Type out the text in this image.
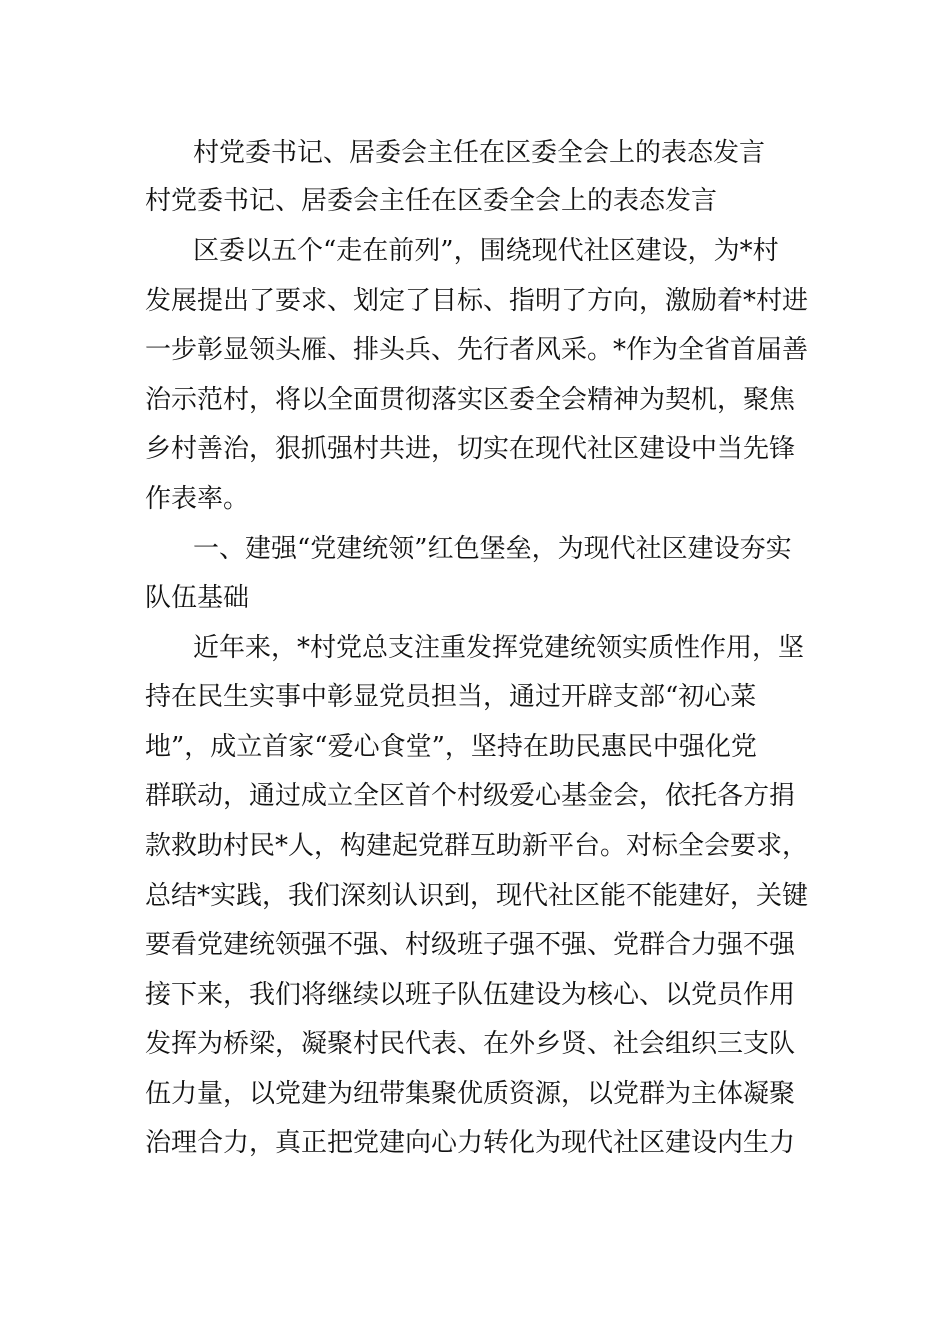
村党委书记、居委会主任在区委全会上的表态发言
村党委书记、居委会主任在区委全会上的表态发言
区委以五个“走在前列”，围绕现代社区建设，为*村
发展提出了要求、划定了目标、指明了方向，激励着*村进
一步彰显领头雁、排头兵、先行者风采。*作为全省首届善
治示范村，将以全面贯彻落实区委全会精神为契机，聚焦
乡村善治，狠抓强村共进，切实在现代社区建设中当先锋
作表率。
一、建强“党建统领”红色堡垒，为现代社区建设夯实
队伍基础
近年来，*村党总支注重发挥党建统领实质性作用，坚
持在民生实事中彰显党员担当，通过开辟支部“初心菜
地”，成立首家“爱心食堂”，坚持在助民惠民中强化党
群联动，通过成立全区首个村级爱心基金会，依托各方捐
款救助村民*人，构建起党群互助新平台。对标全会要求，
总结*实践，我们深刻认识到，现代社区能不能建好，关键
要看党建统领强不强、村级班子强不强、党群合力强不强
接下来，我们将继续以班子队伍建设为核心、以党员作用
发挥为桥梁，凝聚村民代表、在外乡贤、社会组织三支队
伍力量，以党建为纽带集聚优质资源，以党群为主体凝聚
治理合力，真正把党建向心力转化为现代社区建设内生力
